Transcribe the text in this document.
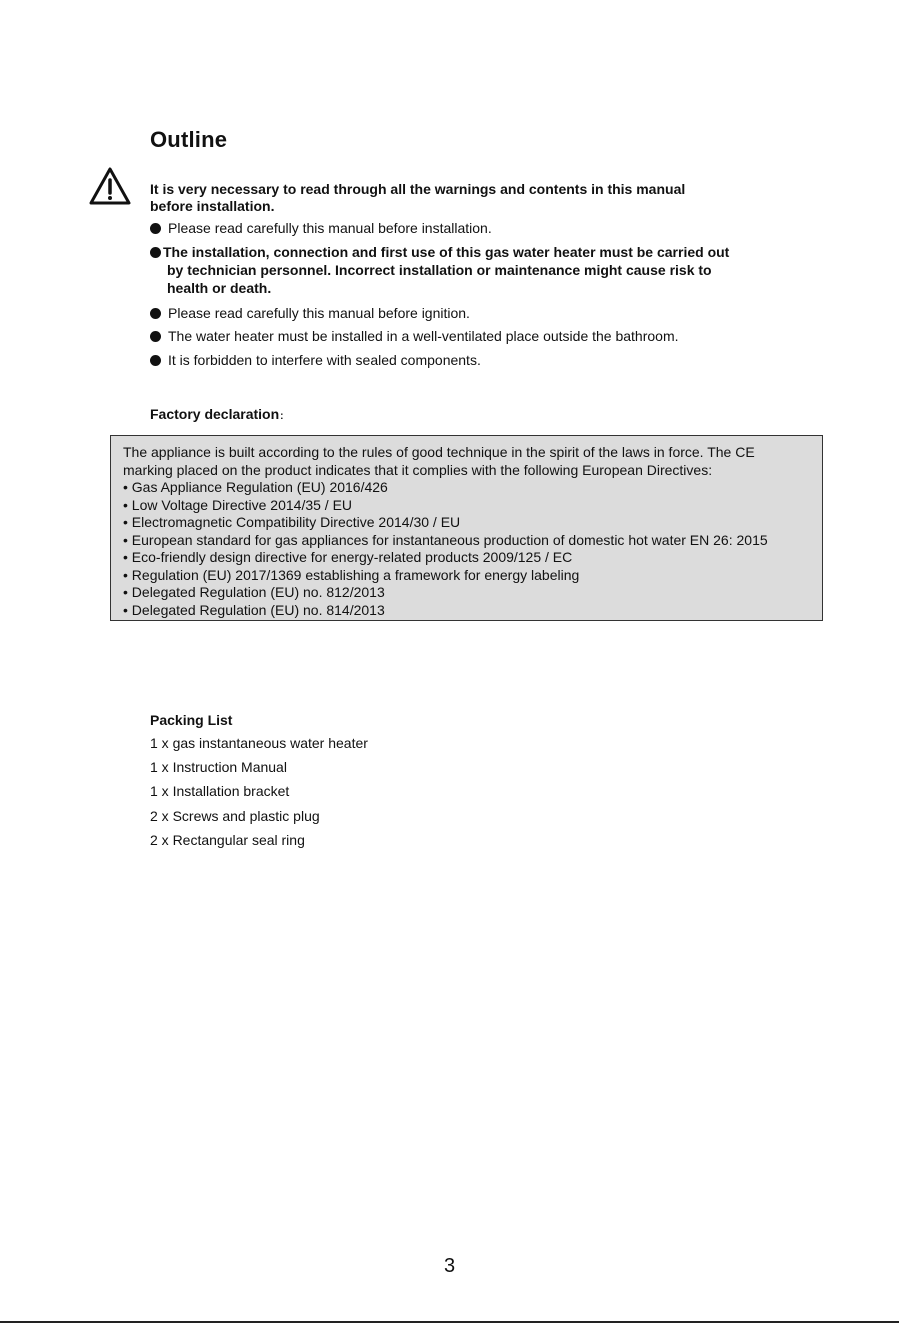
Outline
It is very necessary to read through all the warnings and contents in this manual
before installation.
Please read carefully this manual before installation.
The installation, connection and first use of this gas water heater must be carried out
by technician personnel. Incorrect installation or maintenance might cause risk to
health or death.
Please read carefully this manual before ignition.
The water heater must be installed in a well-ventilated place outside the bathroom.
It is forbidden to interfere with sealed components.
Factory declaration:
The appliance is built according to the rules of good technique in the spirit of the laws in force. The CE
marking placed on the product indicates that it complies with the following European Directives:
• Gas Appliance Regulation (EU) 2016/426
• Low Voltage Directive 2014/35 / EU
• Electromagnetic Compatibility Directive 2014/30 / EU
• European standard for gas appliances for instantaneous production of domestic hot water EN 26: 2015
• Eco-friendly design directive for energy-related products 2009/125 / EC
• Regulation (EU) 2017/1369 establishing a framework for energy labeling
• Delegated Regulation (EU) no. 812/2013
• Delegated Regulation (EU) no. 814/2013
Packing List
1 x gas instantaneous water heater
1 x Instruction Manual
1 x Installation bracket
2 x Screws and plastic plug
2 x Rectangular seal ring
3
